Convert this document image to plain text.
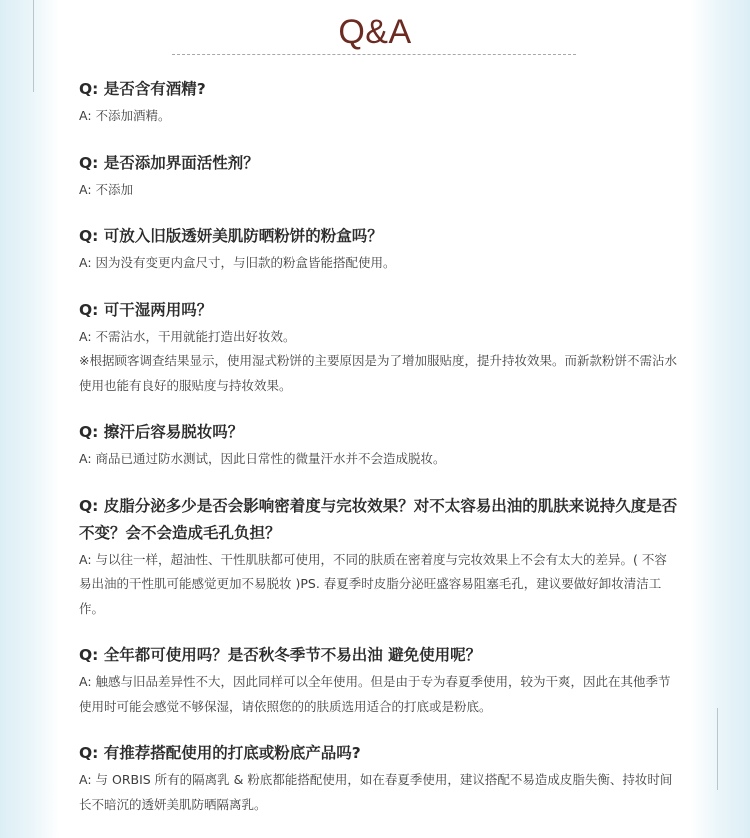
Q&A
Q: 是否含有酒精?

A: 不添加酒精。

Q: 是否添加界面活性剂？

A: 不添加

Q: 可放入旧版透妍美肌防晒粉饼的粉盒吗？

A: 因为没有变更内盒尺寸，与旧款的粉盒皆能搭配使用。

Q: 可干湿两用吗？

A: 不需沾水，干用就能打造出好妆效。

※根据顾客调查结果显示，使用湿式粉饼的主要原因是为了增加服贴度，提升持妆效果。而新款粉饼不需沾水使用也能有良好的服贴度与持妆效果。

Q: 擦汗后容易脱妆吗？

A: 商品已通过防水测试，因此日常性的微量汗水并不会造成脱妆。

Q: 皮脂分泌多少是否会影响密着度与完妆效果？对不太容易出油的肌肤来说持久度是否不变？会不会造成毛孔负担？

A: 与以往一样，超油性、干性肌肤都可使用，不同的肤质在密着度与完妆效果上不会有太大的差异。( 不容易出油的干性肌可能感觉更加不易脱妆 )PS. 春夏季时皮脂分泌旺盛容易阻塞毛孔，建议要做好卸妆清洁工作。

Q: 全年都可使用吗？是否秋冬季节不易出油 避免使用呢？

A: 触感与旧品差异性不大，因此同样可以全年使用。但是由于专为春夏季使用，较为干爽，因此在其他季节使用时可能会感觉不够保湿，请依照您的的肤质选用适合的打底或是粉底。

Q: 有推荐搭配使用的打底或粉底产品吗?

A: 与 ORBIS 所有的隔离乳 & 粉底都能搭配使用，如在春夏季使用，建议搭配不易造成皮脂失衡、持妆时间长不暗沉的透妍美肌防晒隔离乳。
